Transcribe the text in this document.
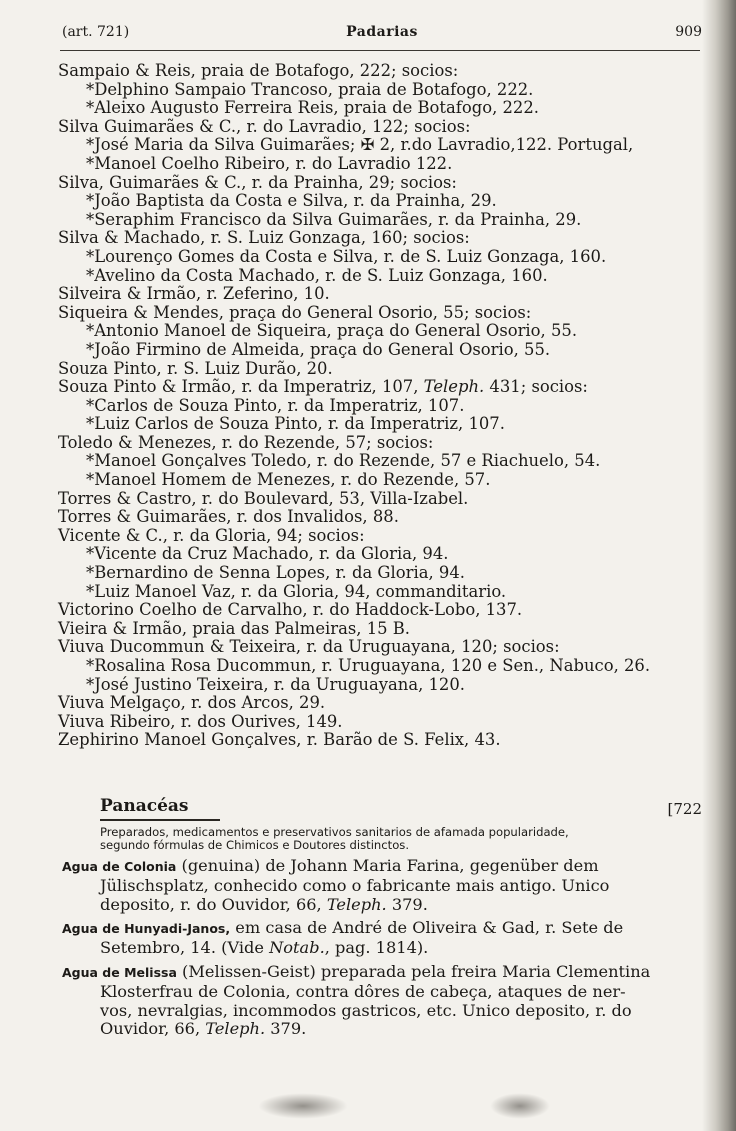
(art. 721)	Padarias	909
Sampaio & Reis, praia de Botafogo, 222; socios:
*Delphino Sampaio Trancoso, praia de Botafogo, 222.
*Aleixo Augusto Ferreira Reis, praia de Botafogo, 222.
Silva Guimarães & C., r. do Lavradio, 122; socios:
*José Maria da Silva Guimarães; ✠ 2, r.do Lavradio,122. Portugal,
*Manoel Coelho Ribeiro, r. do Lavradio 122.
Silva, Guimarães & C., r. da Prainha, 29; socios:
*João Baptista da Costa e Silva, r. da Prainha, 29.
*Seraphim Francisco da Silva Guimarães, r. da Prainha, 29.
Silva & Machado, r. S. Luiz Gonzaga, 160; socios:
*Lourenço Gomes da Costa e Silva, r. de S. Luiz Gonzaga, 160.
*Avelino da Costa Machado, r. de S. Luiz Gonzaga, 160.
Silveira & Irmão, r. Zeferino, 10.
Siqueira & Mendes, praça do General Osorio, 55; socios:
*Antonio Manoel de Siqueira, praça do General Osorio, 55.
*João Firmino de Almeida, praça do General Osorio, 55.
Souza Pinto, r. S. Luiz Durão, 20.
Souza Pinto & Irmão, r. da Imperatriz, 107, Teleph. 431; socios:
*Carlos de Souza Pinto, r. da Imperatriz, 107.
*Luiz Carlos de Souza Pinto, r. da Imperatriz, 107.
Toledo & Menezes, r. do Rezende, 57; socios:
*Manoel Gonçalves Toledo, r. do Rezende, 57 e Riachuelo, 54.
*Manoel Homem de Menezes, r. do Rezende, 57.
Torres & Castro, r. do Boulevard, 53, Villa-Izabel.
Torres & Guimarães, r. dos Invalidos, 88.
Vicente & C., r. da Gloria, 94; socios:
*Vicente da Cruz Machado, r. da Gloria, 94.
*Bernardino de Senna Lopes, r. da Gloria, 94.
*Luiz Manoel Vaz, r. da Gloria, 94, commanditario.
Victorino Coelho de Carvalho, r. do Haddock-Lobo, 137.
Vieira & Irmão, praia das Palmeiras, 15 B.
Viuva Ducommun & Teixeira, r. da Uruguayana, 120; socios:
*Rosalina Rosa Ducommun, r. Uruguayana, 120 e Sen., Nabuco, 26.
*José Justino Teixeira, r. da Uruguayana, 120.
Viuva Melgaço, r. dos Arcos, 29.
Viuva Ribeiro, r. dos Ourives, 149.
Zephirino Manoel Gonçalves, r. Barão de S. Felix, 43.
Panacéas	[722
Preparados, medicamentos e preservativos sanitarios de afamada popularidade,
segundo fórmulas de Chimicos e Doutores distinctos.
Agua de Colonia (genuina) de Johann Maria Farina, gegenüber dem
Jülischsplatz, conhecido como o fabricante mais antigo. Unico
deposito, r. do Ouvidor, 66, Teleph. 379.
Agua de Hunyadi-Janos, em casa de André de Oliveira & Gad, r. Sete de
Setembro, 14. (Vide Notab., pag. 1814).
Agua de Melissa (Melissen-Geist) preparada pela freira Maria Clementina
Klosterfrau de Colonia, contra dôres de cabeça, ataques de ner-
vos, nevralgias, incommodos gastricos, etc. Unico deposito, r. do
Ouvidor, 66, Teleph. 379.
